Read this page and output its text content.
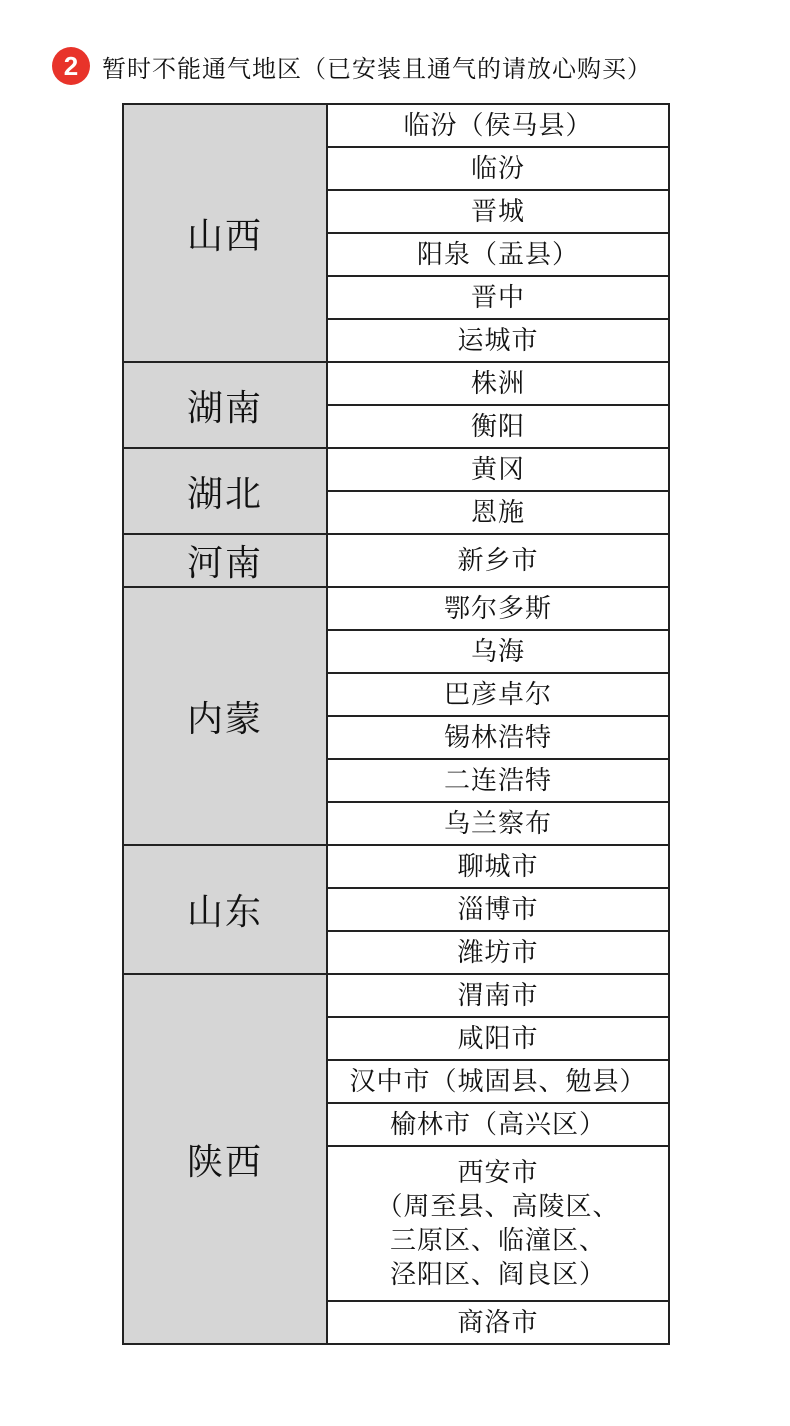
2 暂时不能通气地区（已安装且通气的请放心购买）
山西	临汾（侯马县）
	临汾
	晋城
	阳泉（盂县）
	晋中
	运城市
湖南	株洲
	衡阳
湖北	黄冈
	恩施
河南	新乡市
内蒙	鄂尔多斯
	乌海
	巴彦卓尔
	锡林浩特
	二连浩特
	乌兰察布
山东	聊城市
	淄博市
	潍坊市
陕西	渭南市
	咸阳市
	汉中市（城固县、勉县）
	榆林市（高兴区）
	西安市
（周至县、高陵区、
三原区、临潼区、
泾阳区、阎良区）
	商洛市
